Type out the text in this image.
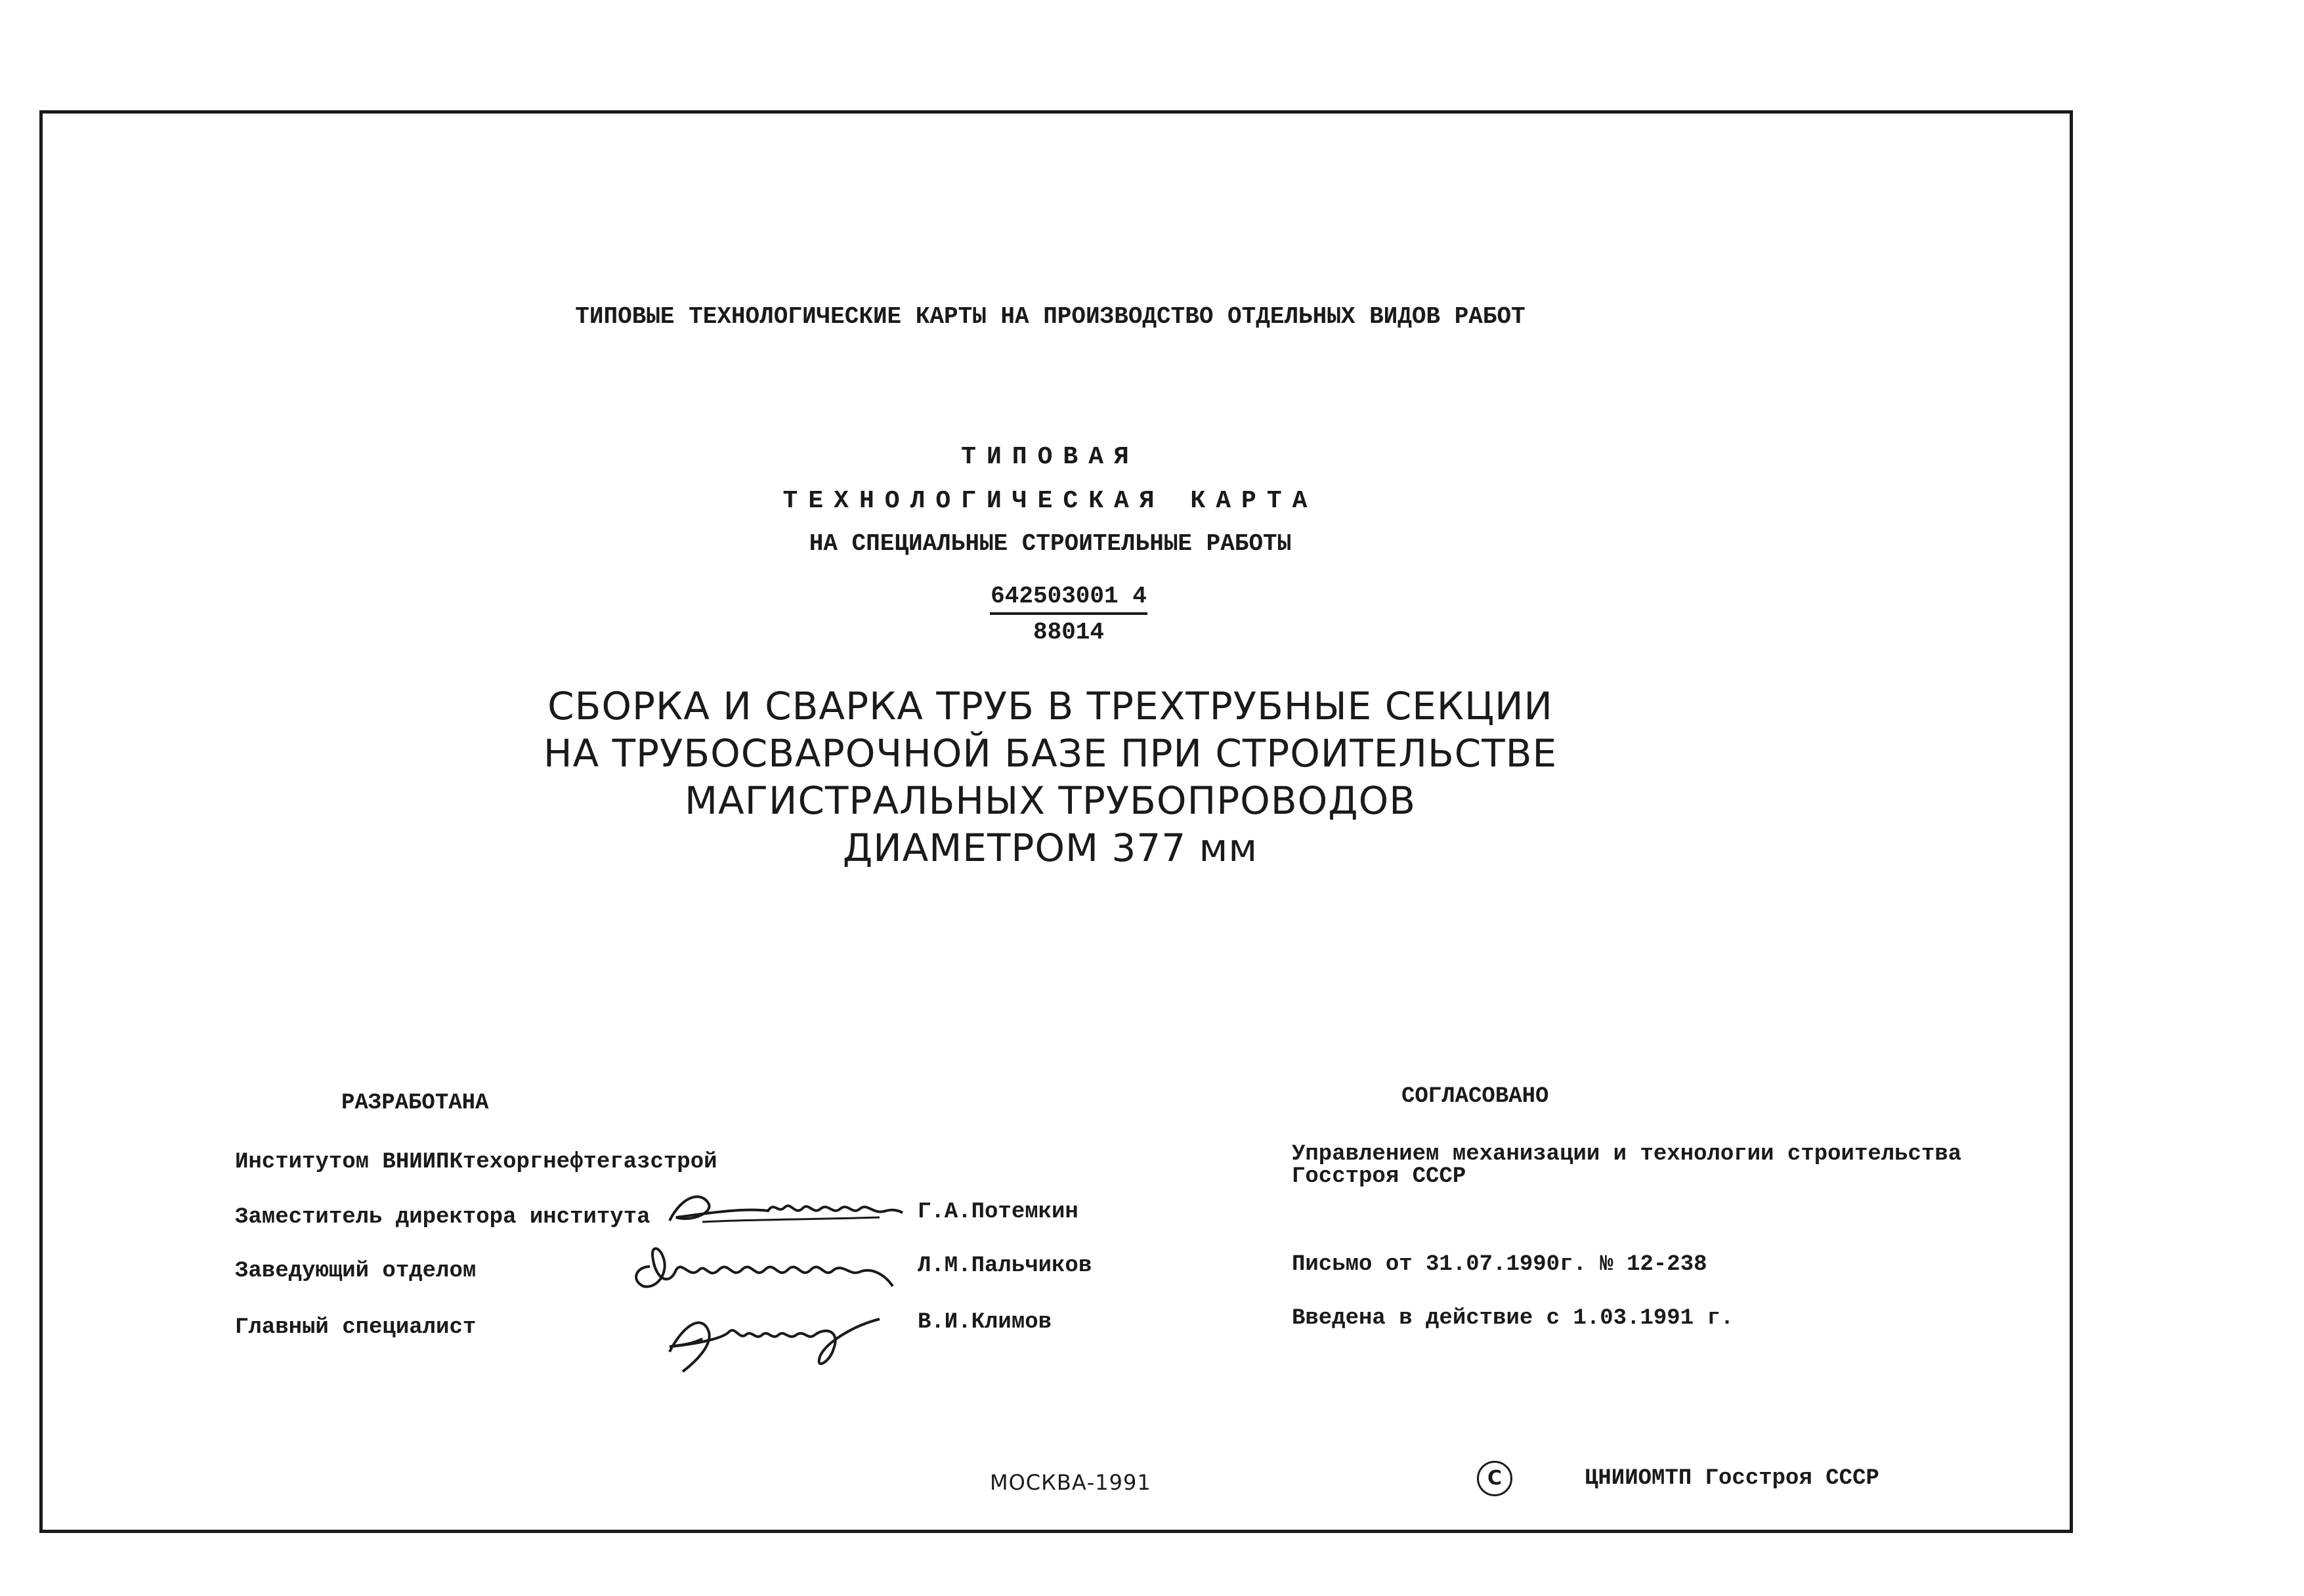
ТИПОВЫЕ ТЕХНОЛОГИЧЕСКИЕ КАРТЫ НА ПРОИЗВОДСТВО ОТДЕЛЬНЫХ ВИДОВ РАБОТ
ТИПОВАЯ
ТЕХНОЛОГИЧЕСКАЯ КАРТА
НА СПЕЦИАЛЬНЫЕ СТРОИТЕЛЬНЫЕ РАБОТЫ
642503001 4
88014
СБОРКА И СВАРКА ТРУБ В ТРЕХТРУБНЫЕ СЕКЦИИ
НА ТРУБОСВАРОЧНОЙ БАЗЕ ПРИ СТРОИТЕЛЬСТВЕ
МАГИСТРАЛЬНЫХ ТРУБОПРОВОДОВ
ДИАМЕТРОМ 377 мм
РАЗРАБОТАНА
Институтом ВНИИПКтехоргнефтегазстрой
Заместитель директора института	Г.А.Потемкин
Заведующий отделом	Л.М.Пальчиков
Главный специалист	В.И.Климов
СОГЛАСОВАНО
Управлением механизации и технологии строительства
Госстроя СССР
Письмо от 31.07.1990г. № 12-238
Введена в действие с 1.03.1991 г.
МОСКВА-1991	C	ЦНИИОМТП Госстроя СССР
